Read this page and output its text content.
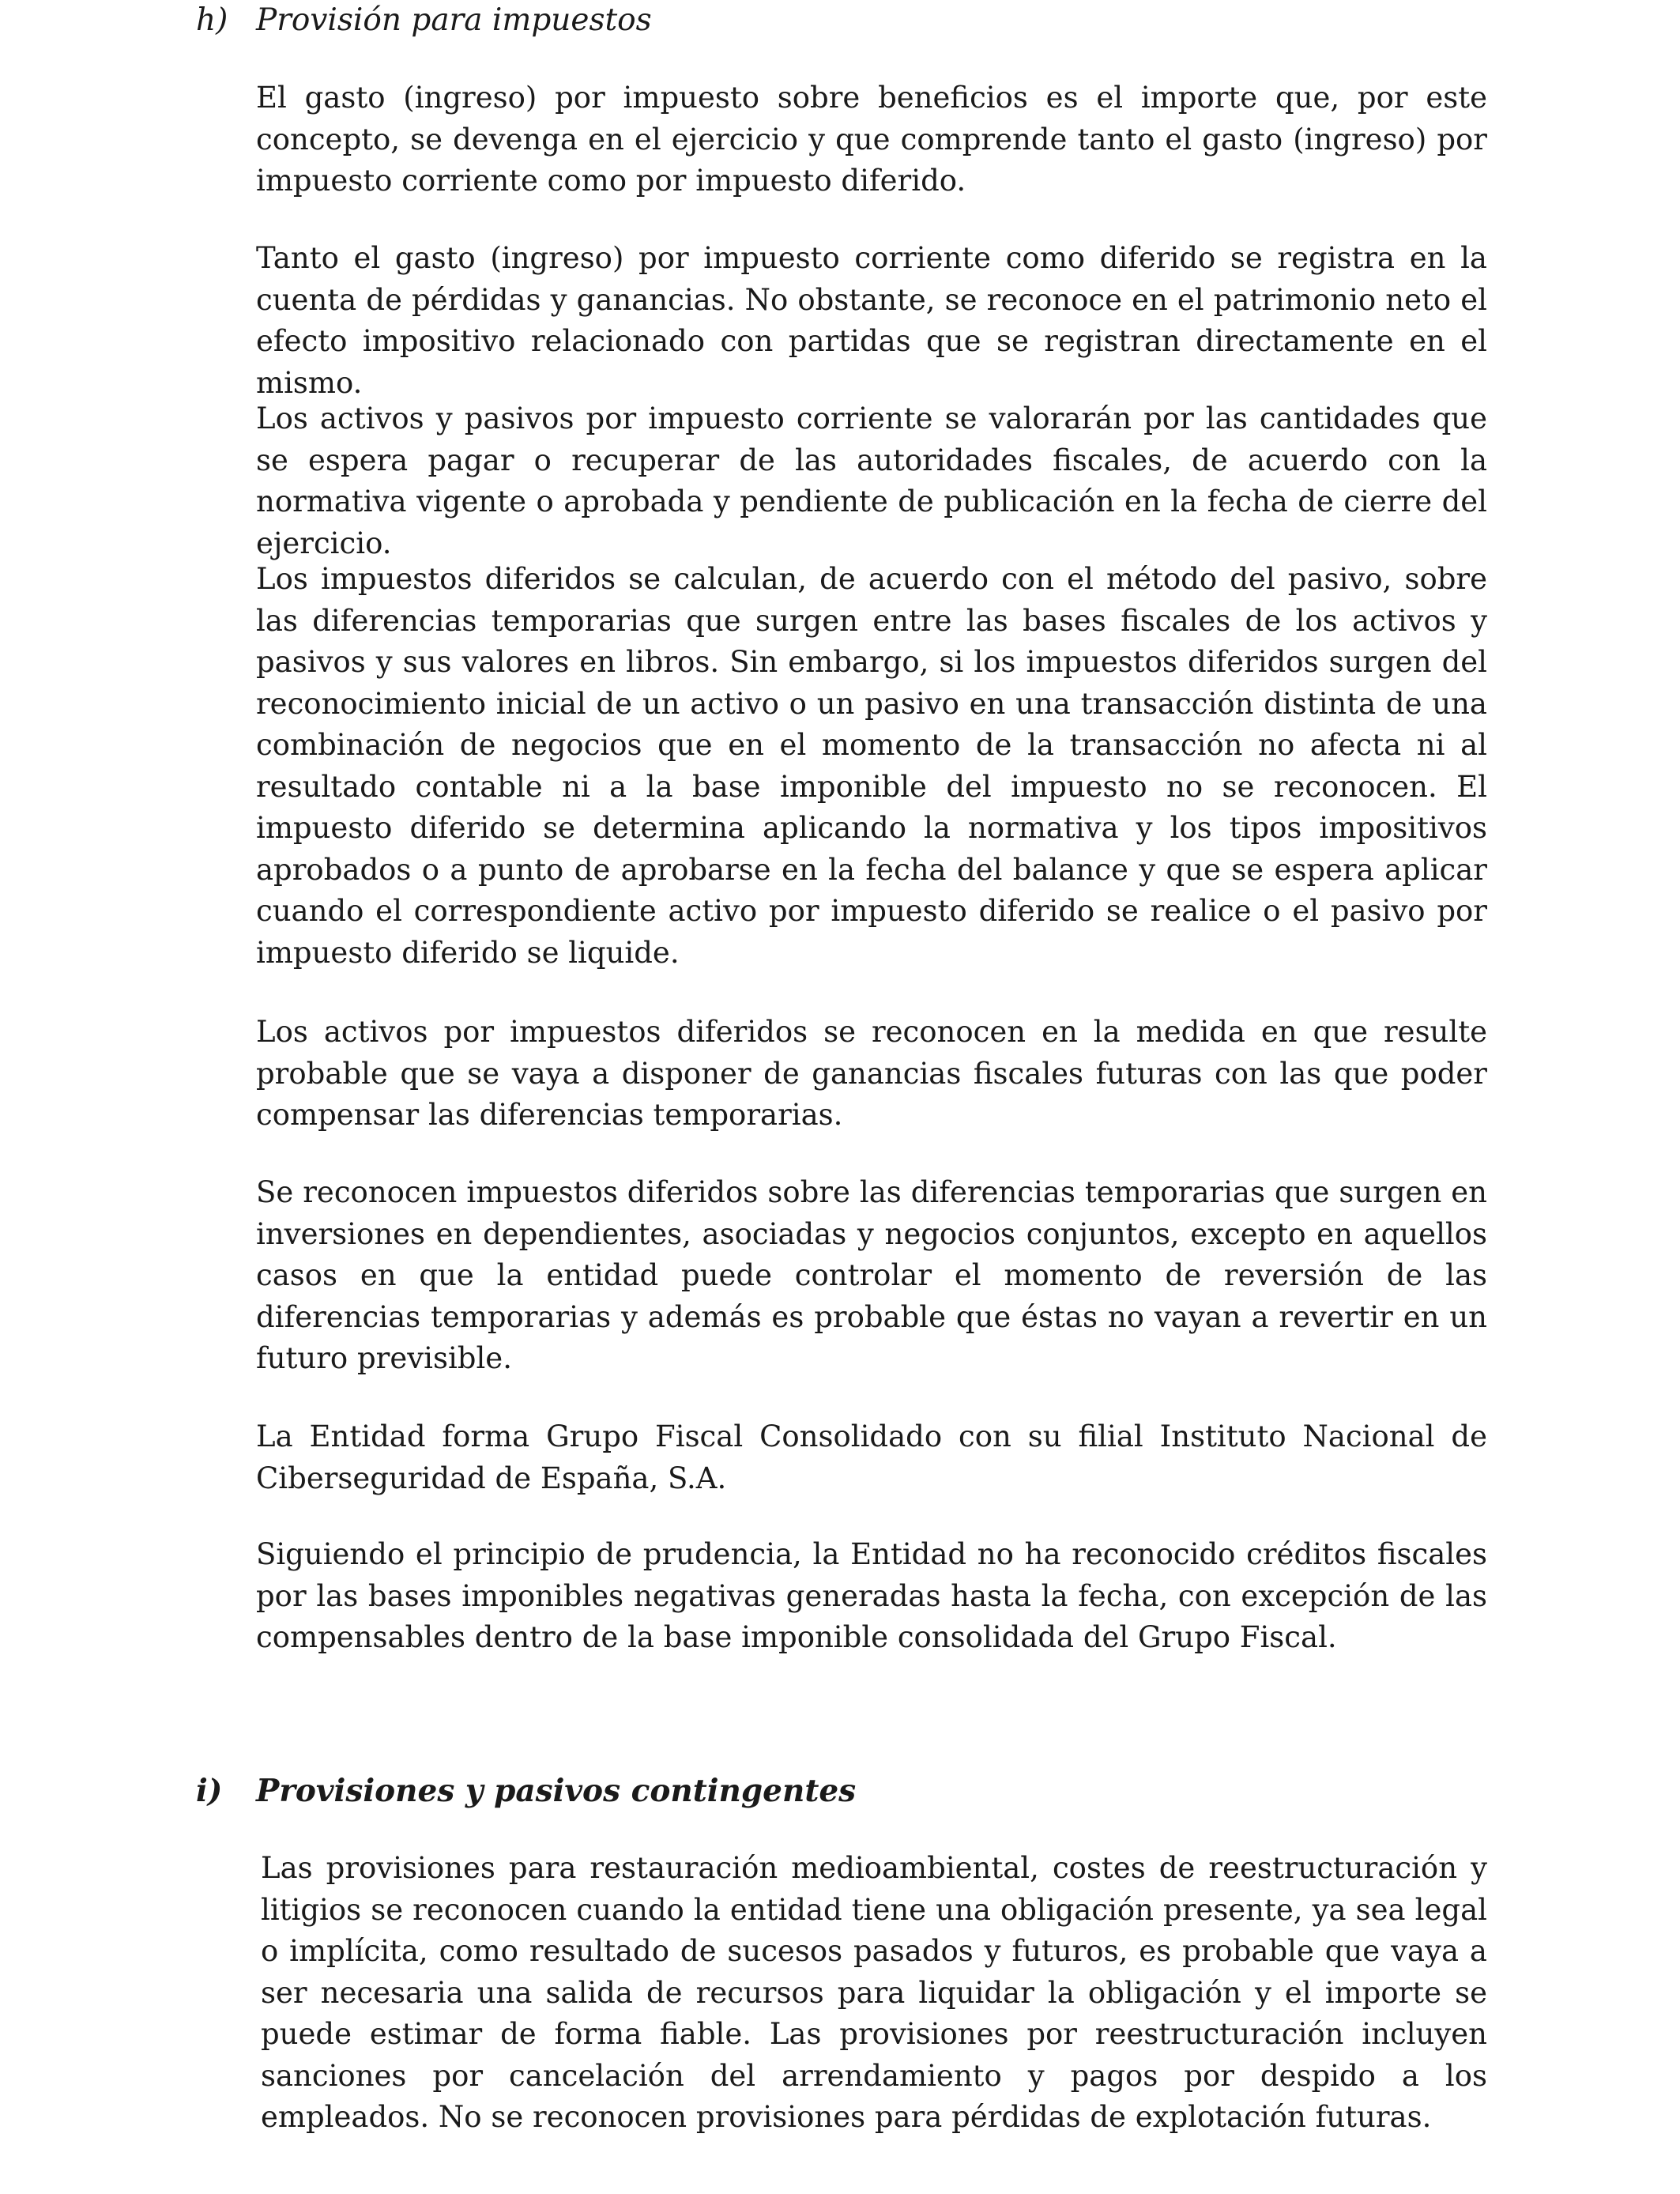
h) Provisión para impuestos

El gasto (ingreso) por impuesto sobre beneficios es el importe que, por este concepto, se devenga en el ejercicio y que comprende tanto el gasto (ingreso) por impuesto corriente como por impuesto diferido.

Tanto el gasto (ingreso) por impuesto corriente como diferido se registra en la cuenta de pérdidas y ganancias. No obstante, se reconoce en el patrimonio neto el efecto impositivo relacionado con partidas que se registran directamente en el mismo.

Los activos y pasivos por impuesto corriente se valorarán por las cantidades que se espera pagar o recuperar de las autoridades fiscales, de acuerdo con la normativa vigente o aprobada y pendiente de publicación en la fecha de cierre del ejercicio.

Los impuestos diferidos se calculan, de acuerdo con el método del pasivo, sobre las diferencias temporarias que surgen entre las bases fiscales de los activos y pasivos y sus valores en libros. Sin embargo, si los impuestos diferidos surgen del reconocimiento inicial de un activo o un pasivo en una transacción distinta de una combinación de negocios que en el momento de la transacción no afecta ni al resultado contable ni a la base imponible del impuesto no se reconocen. El impuesto diferido se determina aplicando la normativa y los tipos impositivos aprobados o a punto de aprobarse en la fecha del balance y que se espera aplicar cuando el correspondiente activo por impuesto diferido se realice o el pasivo por impuesto diferido se liquide.

Los activos por impuestos diferidos se reconocen en la medida en que resulte probable que se vaya a disponer de ganancias fiscales futuras con las que poder compensar las diferencias temporarias.

Se reconocen impuestos diferidos sobre las diferencias temporarias que surgen en inversiones en dependientes, asociadas y negocios conjuntos, excepto en aquellos casos en que la entidad puede controlar el momento de reversión de las diferencias temporarias y además es probable que éstas no vayan a revertir en un futuro previsible.

La Entidad forma Grupo Fiscal Consolidado con su filial Instituto Nacional de Ciberseguridad de España, S.A.

Siguiendo el principio de prudencia, la Entidad no ha reconocido créditos fiscales por las bases imponibles negativas generadas hasta la fecha, con excepción de las compensables dentro de la base imponible consolidada del Grupo Fiscal.

i) Provisiones y pasivos contingentes

Las provisiones para restauración medioambiental, costes de reestructuración y litigios se reconocen cuando la entidad tiene una obligación presente, ya sea legal o implícita, como resultado de sucesos pasados y futuros, es probable que vaya a ser necesaria una salida de recursos para liquidar la obligación y el importe se puede estimar de forma fiable. Las provisiones por reestructuración incluyen sanciones por cancelación del arrendamiento y pagos por despido a los empleados. No se reconocen provisiones para pérdidas de explotación futuras.
